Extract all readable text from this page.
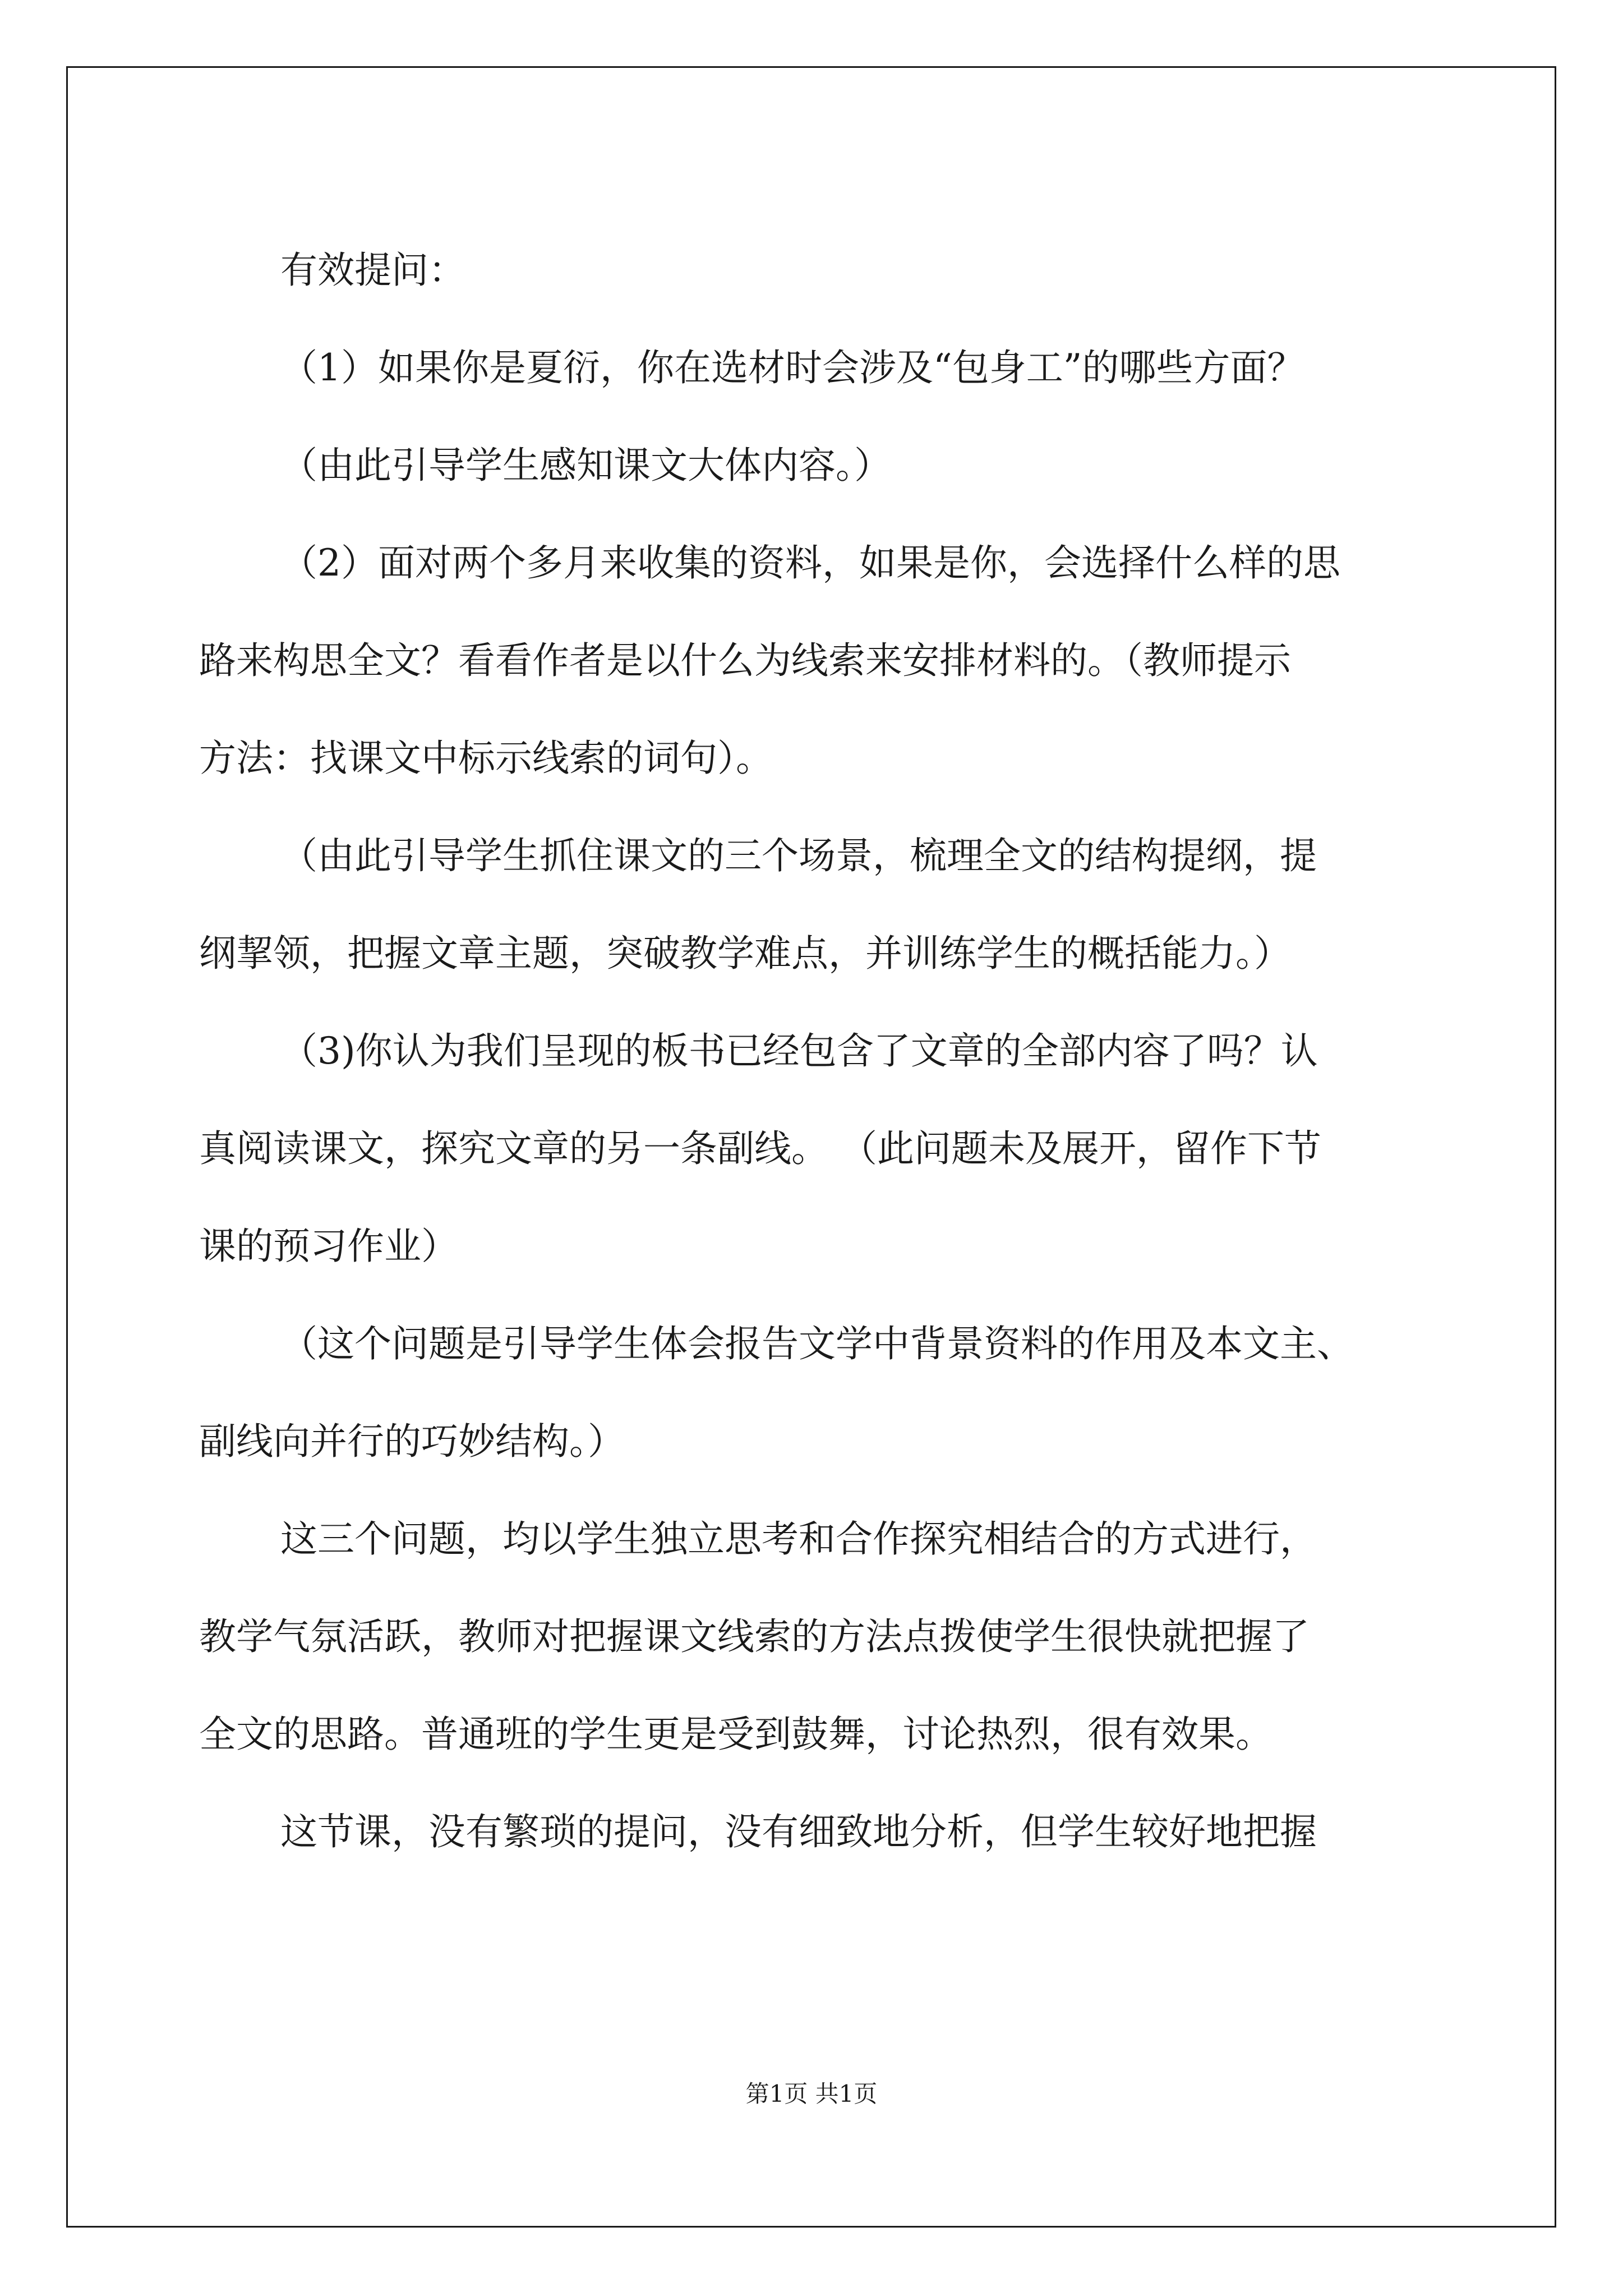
有效提问：
（1）如果你是夏衍，你在选材时会涉及“包身工”的哪些方面？
（由此引导学生感知课文大体内容。）
（2）面对两个多月来收集的资料，如果是你，会选择什么样的思
路来构思全文？看看作者是以什么为线索来安排材料的。（教师提示
方法：找课文中标示线索的词句）。
（由此引导学生抓住课文的三个场景，梳理全文的结构提纲，提
纲挈领，把握文章主题，突破教学难点，并训练学生的概括能力。）
（3)你认为我们呈现的板书已经包含了文章的全部内容了吗？认
真阅读课文，探究文章的另一条副线。 （此问题未及展开，留作下节
课的预习作业）
（这个问题是引导学生体会报告文学中背景资料的作用及本文主、
副线向并行的巧妙结构。）
这三个问题，均以学生独立思考和合作探究相结合的方式进行，
教学气氛活跃，教师对把握课文线索的方法点拨使学生很快就把握了
全文的思路。普通班的学生更是受到鼓舞，讨论热烈，很有效果。
这节课，没有繁琐的提问，没有细致地分析，但学生较好地把握
第1页 共1页
